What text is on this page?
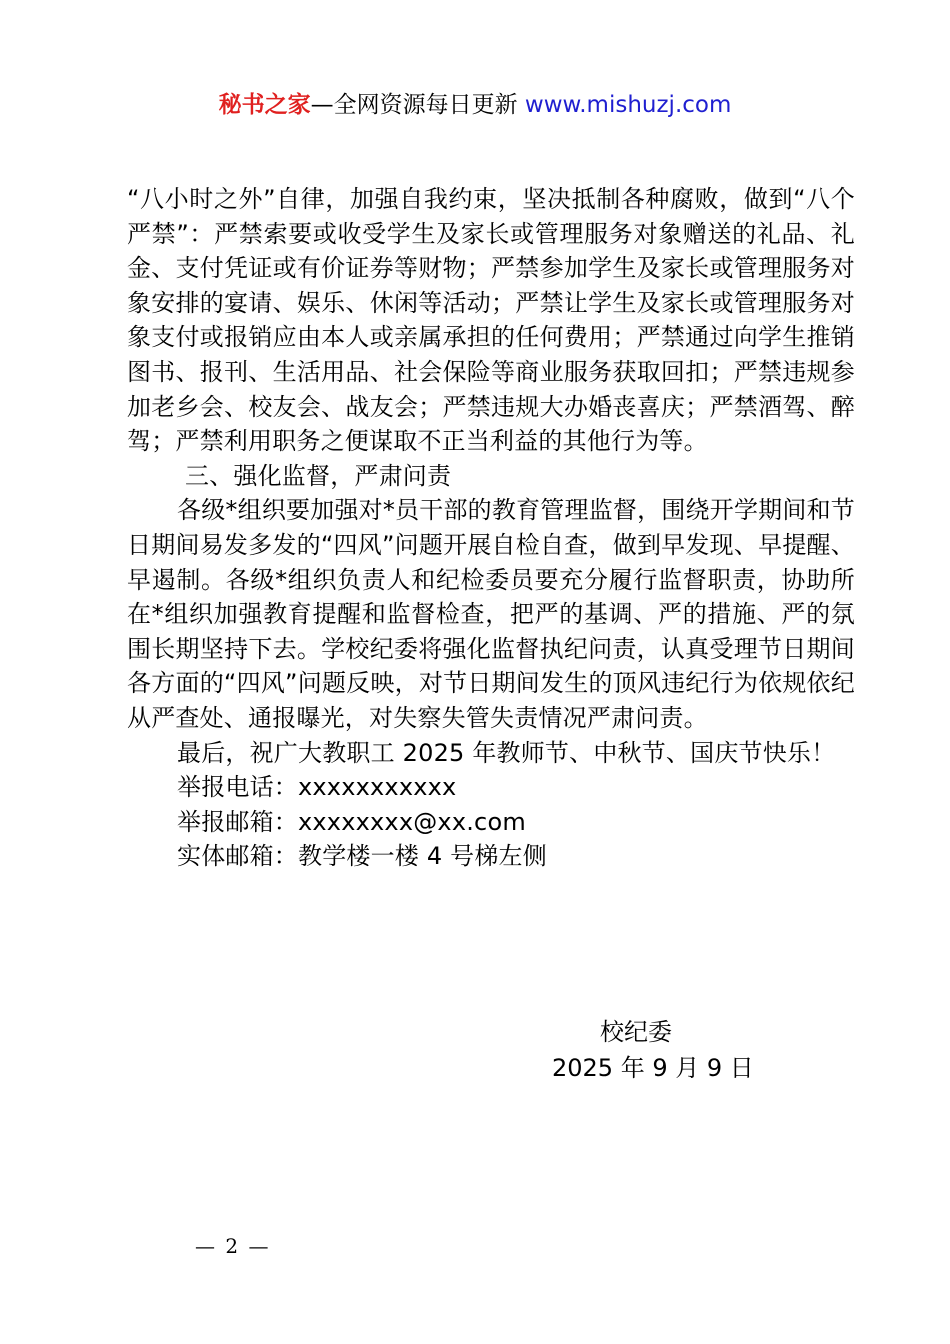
秘书之家—全网资源每日更新 www.mishuzj.com

“八小时之外”自律，加强自我约束，坚决抵制各种腐败，做到“八个严禁”：严禁索要或收受学生及家长或管理服务对象赠送的礼品、礼金、支付凭证或有价证券等财物；严禁参加学生及家长或管理服务对象安排的宴请、娱乐、休闲等活动；严禁让学生及家长或管理服务对象支付或报销应由本人或亲属承担的任何费用；严禁通过向学生推销图书、报刊、生活用品、社会保险等商业服务获取回扣；严禁违规参加老乡会、校友会、战友会；严禁违规大办婚丧喜庆；严禁酒驾、醉驾；严禁利用职务之便谋取不正当利益的其他行为等。

三、强化监督，严肃问责

各级*组织要加强对*员干部的教育管理监督，围绕开学期间和节日期间易发多发的“四风”问题开展自检自查，做到早发现、早提醒、早遏制。各级*组织负责人和纪检委员要充分履行监督职责，协助所在*组织加强教育提醒和监督检查，把严的基调、严的措施、严的氛围长期坚持下去。学校纪委将强化监督执纪问责，认真受理节日期间各方面的“四风”问题反映，对节日期间发生的顶风违纪行为依规依纪从严查处、通报曝光，对失察失管失责情况严肃问责。

最后，祝广大教职工 2025 年教师节、中秋节、国庆节快乐！

举报电话：xxxxxxxxxxx

举报邮箱：xxxxxxxx@xx.com

实体邮箱：教学楼一楼 4 号梯左侧

校纪委
2025 年 9 月 9 日
— 2 —
